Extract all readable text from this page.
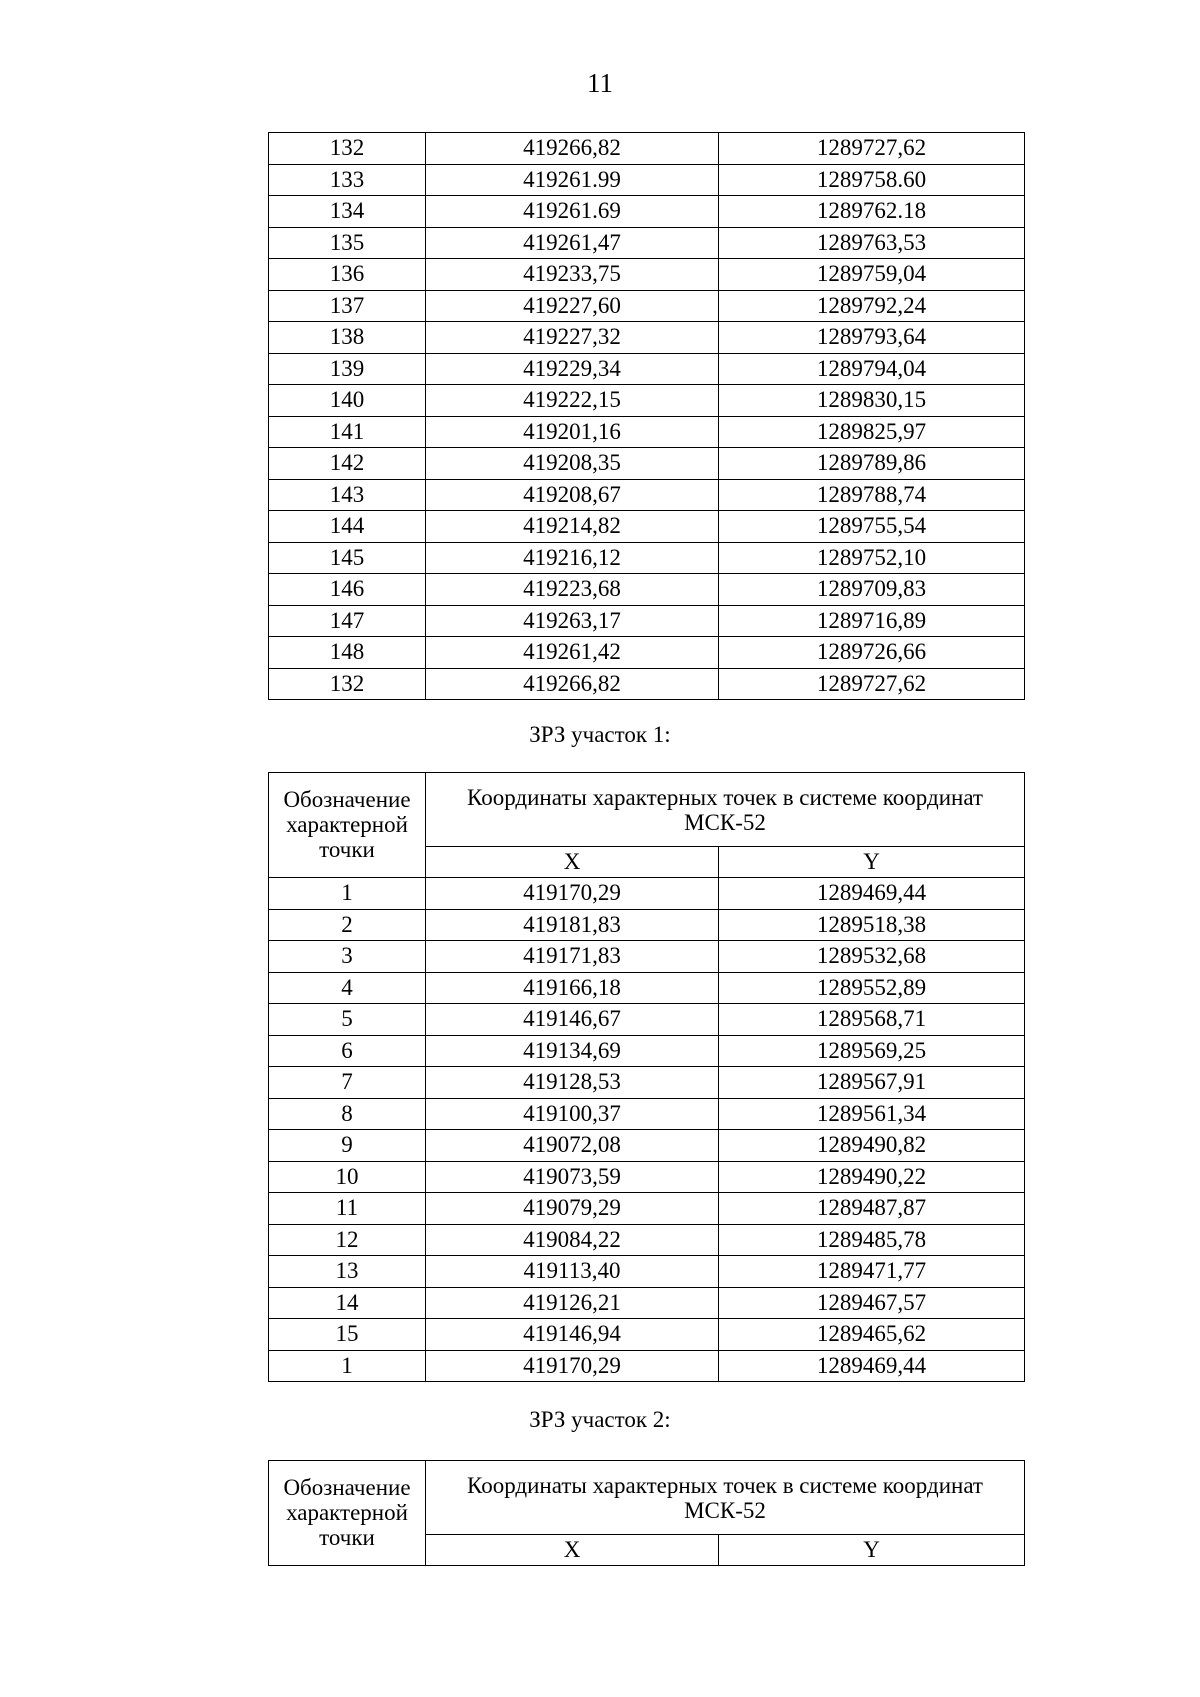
11
132	419266,82	1289727,62
133	419261.99	1289758.60
134	419261.69	1289762.18
135	419261,47	1289763,53
136	419233,75	1289759,04
137	419227,60	1289792,24
138	419227,32	1289793,64
139	419229,34	1289794,04
140	419222,15	1289830,15
141	419201,16	1289825,97
142	419208,35	1289789,86
143	419208,67	1289788,74
144	419214,82	1289755,54
145	419216,12	1289752,10
146	419223,68	1289709,83
147	419263,17	1289716,89
148	419261,42	1289726,66
132	419266,82	1289727,62
ЗРЗ участок 1:
Обозначение характерной точки	Координаты характерных точек в системе координат МСК-52	
	X	Y
1	419170,29	1289469,44
2	419181,83	1289518,38
3	419171,83	1289532,68
4	419166,18	1289552,89
5	419146,67	1289568,71
6	419134,69	1289569,25
7	419128,53	1289567,91
8	419100,37	1289561,34
9	419072,08	1289490,82
10	419073,59	1289490,22
11	419079,29	1289487,87
12	419084,22	1289485,78
13	419113,40	1289471,77
14	419126,21	1289467,57
15	419146,94	1289465,62
1	419170,29	1289469,44
ЗРЗ участок 2:
Обозначение характерной точки	Координаты характерных точек в системе координат МСК-52	
	X	Y
